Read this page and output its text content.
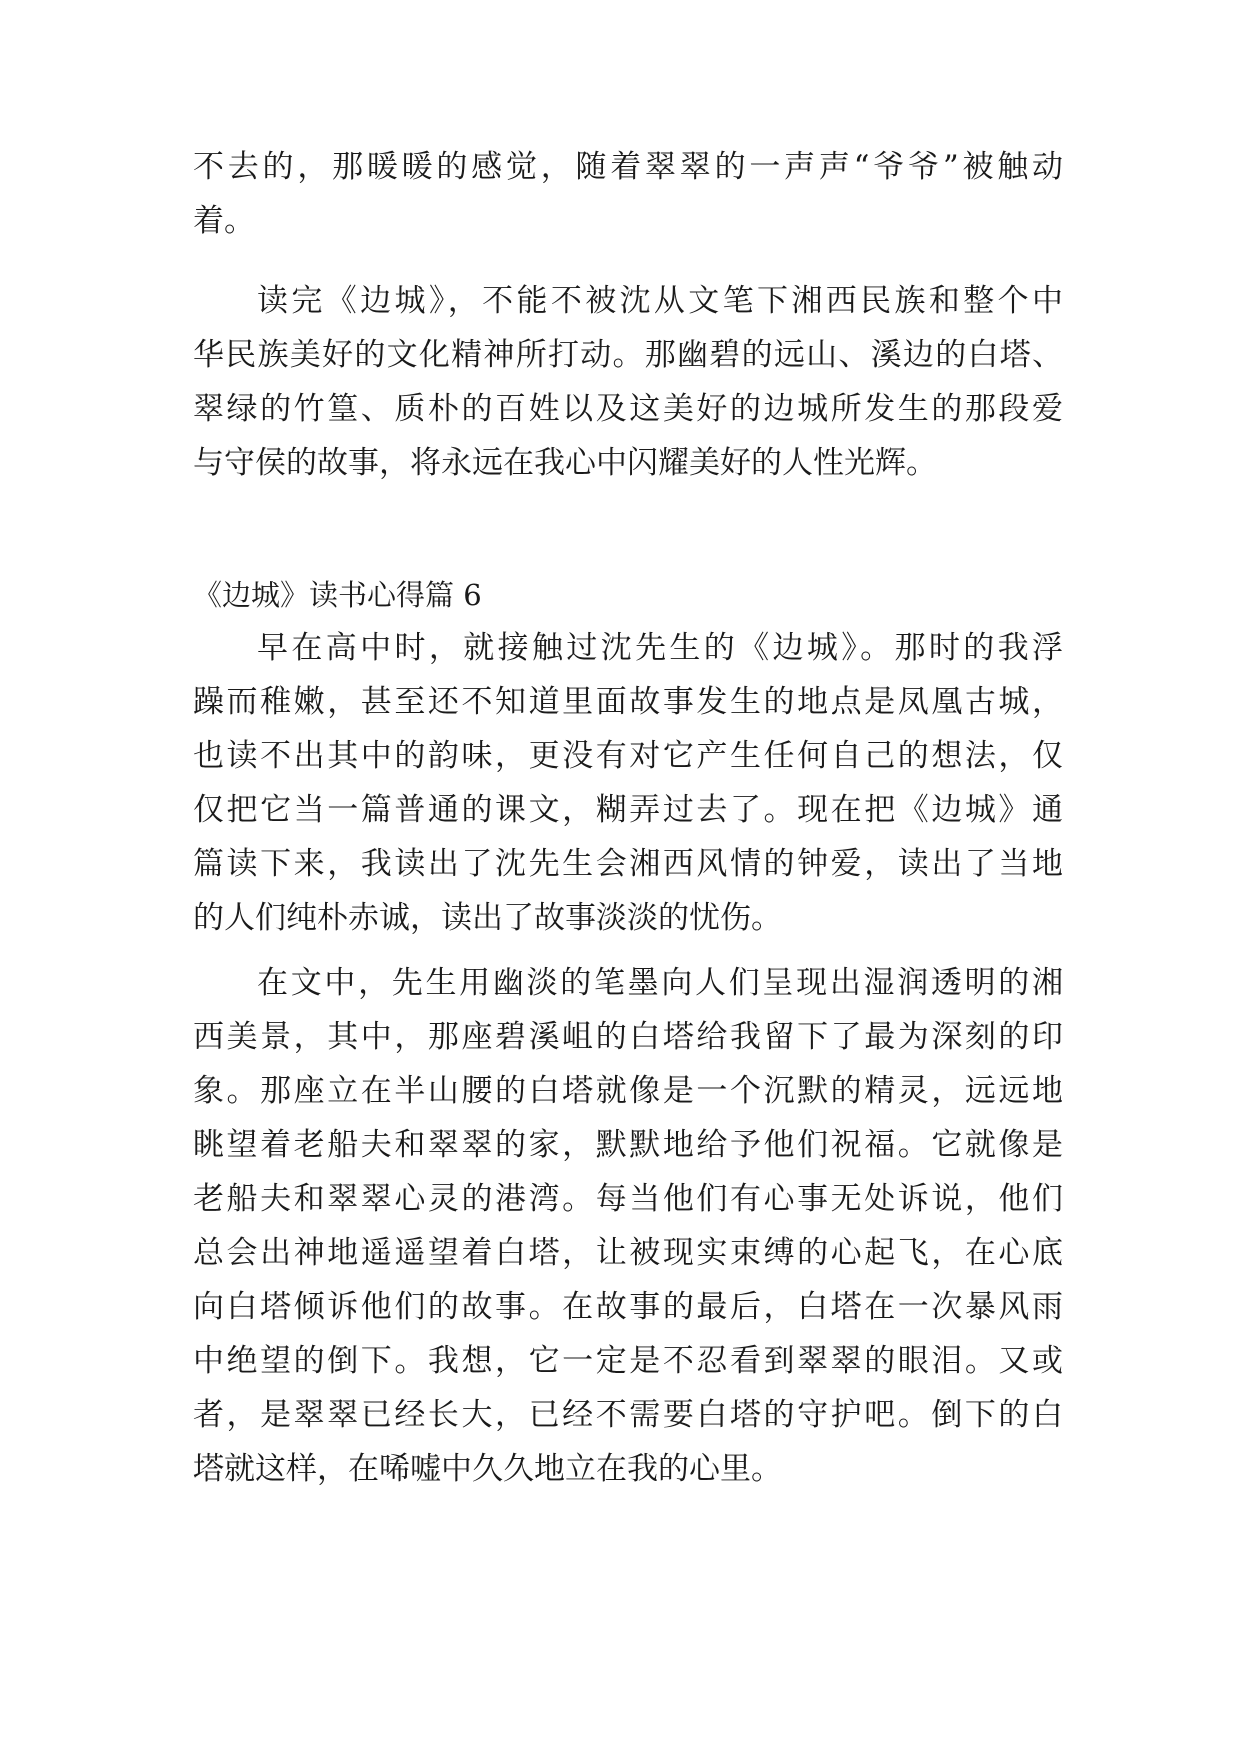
不去的，那暖暖的感觉，随着翠翠的一声声“爷爷”被触动
着。
读完《边城》，不能不被沈从文笔下湘西民族和整个中
华民族美好的文化精神所打动。那幽碧的远山、溪边的白塔、
翠绿的竹篁、质朴的百姓以及这美好的边城所发生的那段爱
与守侯的故事，将永远在我心中闪耀美好的人性光辉。
《边城》读书心得篇 6
早在高中时，就接触过沈先生的《边城》。那时的我浮
躁而稚嫩，甚至还不知道里面故事发生的地点是凤凰古城，
也读不出其中的韵味，更没有对它产生任何自己的想法，仅
仅把它当一篇普通的课文，糊弄过去了。现在把《边城》通
篇读下来，我读出了沈先生会湘西风情的钟爱，读出了当地
的人们纯朴赤诚，读出了故事淡淡的忧伤。
在文中，先生用幽淡的笔墨向人们呈现出湿润透明的湘
西美景，其中，那座碧溪岨的白塔给我留下了最为深刻的印
象。那座立在半山腰的白塔就像是一个沉默的精灵，远远地
眺望着老船夫和翠翠的家，默默地给予他们祝福。它就像是
老船夫和翠翠心灵的港湾。每当他们有心事无处诉说，他们
总会出神地遥遥望着白塔，让被现实束缚的心起飞，在心底
向白塔倾诉他们的故事。在故事的最后，白塔在一次暴风雨
中绝望的倒下。我想，它一定是不忍看到翠翠的眼泪。又或
者，是翠翠已经长大，已经不需要白塔的守护吧。倒下的白
塔就这样，在唏嘘中久久地立在我的心里。
